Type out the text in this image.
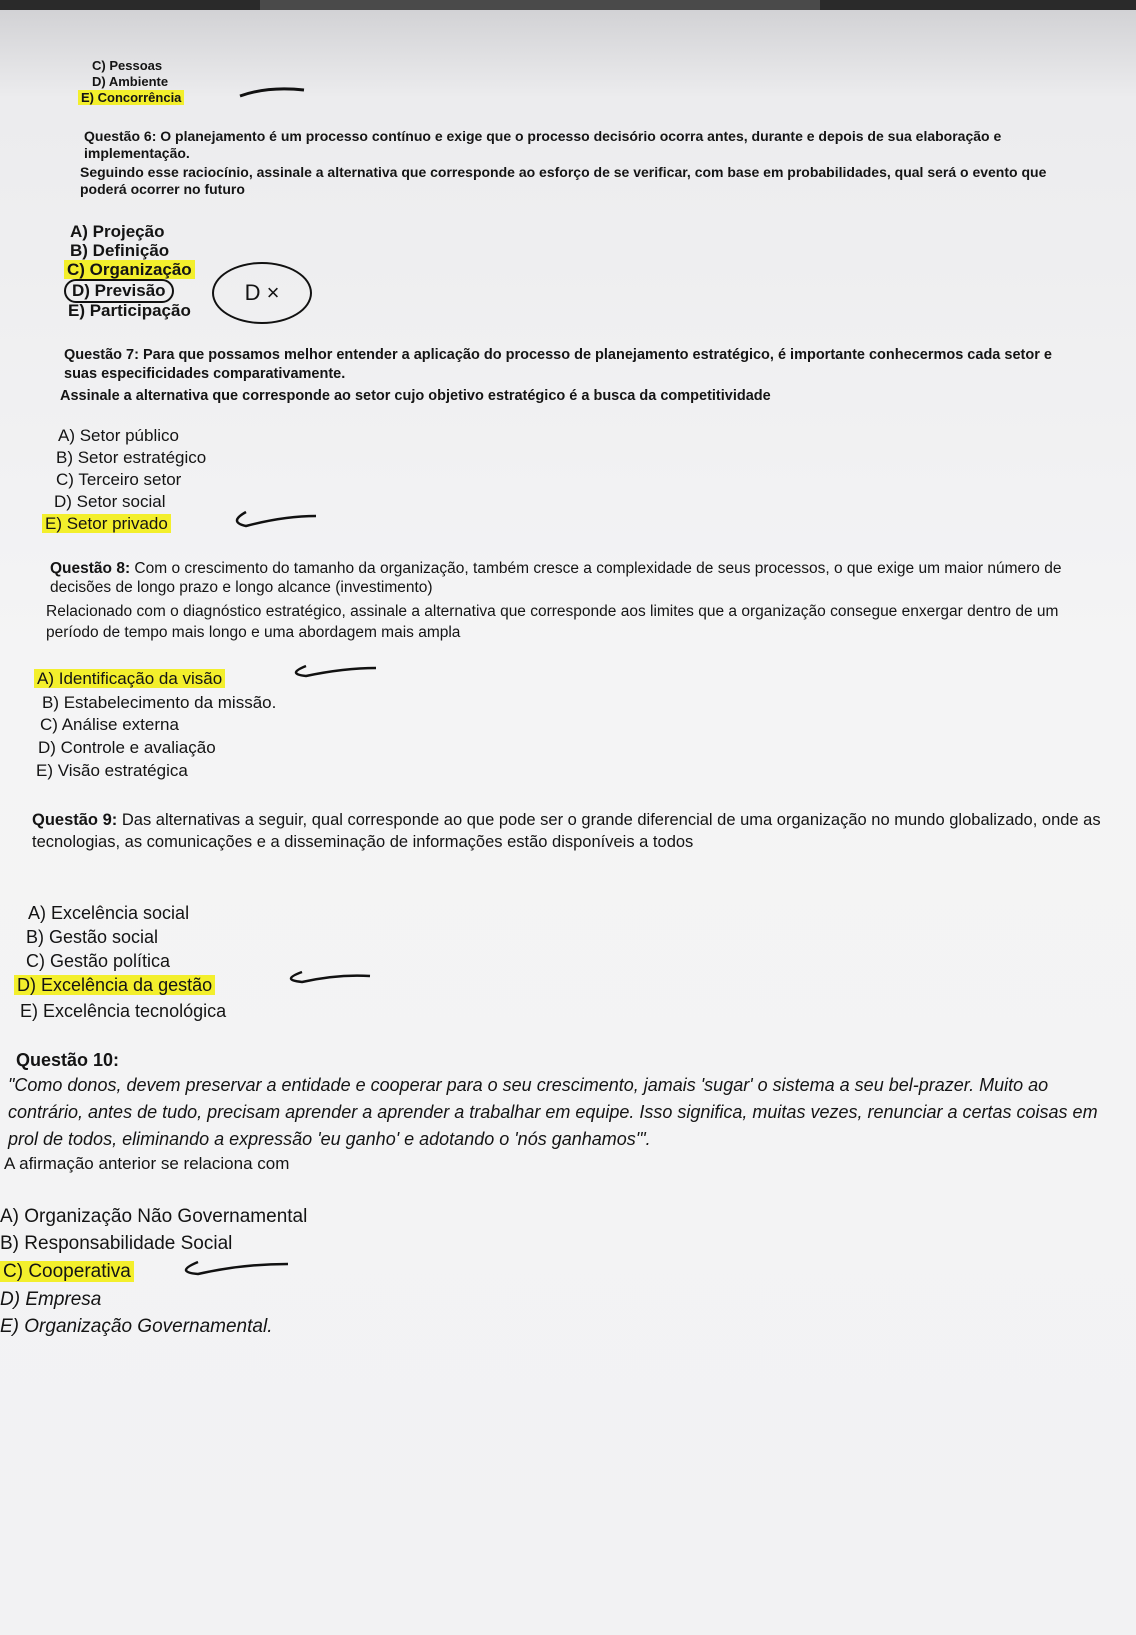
C) Pessoas
D) Ambiente
E) Concorrência
Questão 6: O planejamento é um processo contínuo e exige que o processo decisório ocorra antes, durante e depois de sua elaboração e implementação.
Seguindo esse raciocínio, assinale a alternativa que corresponde ao esforço de se verificar, com base em probabilidades, qual será o evento que poderá ocorrer no futuro
A) Projeção
B) Definição
C) Organização
D) Previsão
E) Participação
D ×
Questão 7: Para que possamos melhor entender a aplicação do processo de planejamento estratégico, é importante conhecermos cada setor e suas especificidades comparativamente.
Assinale a alternativa que corresponde ao setor cujo objetivo estratégico é a busca da competitividade
A) Setor público
B) Setor estratégico
C) Terceiro setor
D) Setor social
E) Setor privado
Questão 8: Com o crescimento do tamanho da organização, também cresce a complexidade de seus processos, o que exige um maior número de decisões de longo prazo e longo alcance (investimento)
Relacionado com o diagnóstico estratégico, assinale a alternativa que corresponde aos limites que a organização consegue enxergar dentro de um período de tempo mais longo e uma abordagem mais ampla
A) Identificação da visão
B) Estabelecimento da missão.
C) Análise externa
D) Controle e avaliação
E) Visão estratégica
Questão 9: Das alternativas a seguir, qual corresponde ao que pode ser o grande diferencial de uma organização no mundo globalizado, onde as tecnologias, as comunicações e a disseminação de informações estão disponíveis a todos
A) Excelência social
B) Gestão social
C) Gestão política
D) Excelência da gestão
E) Excelência tecnológica
Questão 10:
"Como donos, devem preservar a entidade e cooperar para o seu crescimento, jamais 'sugar' o sistema a seu bel-prazer. Muito ao contrário, antes de tudo, precisam aprender a aprender a trabalhar em equipe. Isso significa, muitas vezes, renunciar a certas coisas em prol de todos, eliminando a expressão 'eu ganho' e adotando o 'nós ganhamos'".
A afirmação anterior se relaciona com
A) Organização Não Governamental
B) Responsabilidade Social
C) Cooperativa
D) Empresa
E) Organização Governamental.
